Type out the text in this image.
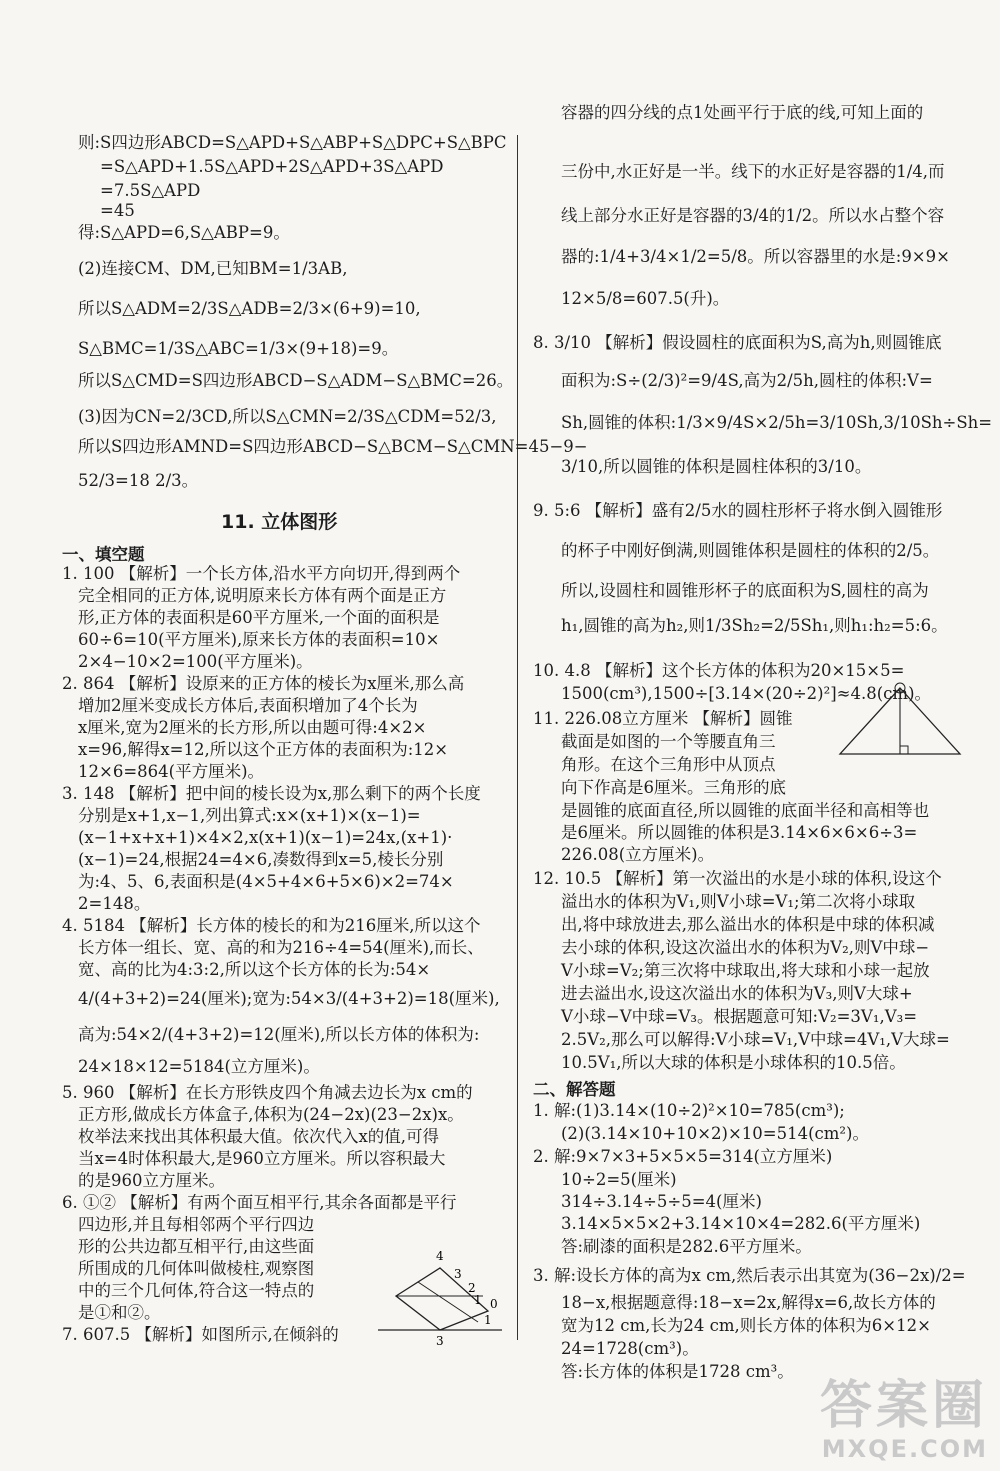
则:S四边形ABCD=S△APD+S△ABP+S△DPC+S△BPC
=S△APD+1.5S△APD+2S△APD+3S△APD
=7.5S△APD
=45
得:S△APD=6,S△ABP=9。
(2)连接CM、DM,已知BM=1/3AB,
所以S△ADM=2/3S△ADB=2/3×(6+9)=10,
S△BMC=1/3S△ABC=1/3×(9+18)=9。
所以S△CMD=S四边形ABCD−S△ADM−S△BMC=26。
(3)因为CN=2/3CD,所以S△CMN=2/3S△CDM=52/3,
所以S四边形AMND=S四边形ABCD−S△BCM−S△CMN=45−9−
52/3=18 2/3。
11. 立体图形
一、填空题
1. 100 【解析】一个长方体,沿水平方向切开,得到两个
完全相同的正方体,说明原来长方体有两个面是正方
形,正方体的表面积是60平方厘米,一个面的面积是
60÷6=10(平方厘米),原来长方体的表面积=10×
2×4−10×2=100(平方厘米)。
2. 864 【解析】设原来的正方体的棱长为x厘米,那么高
增加2厘米变成长方体后,表面积增加了4个长为
x厘米,宽为2厘米的长方形,所以由题可得:4×2×
x=96,解得x=12,所以这个正方体的表面积为:12×
12×6=864(平方厘米)。
3. 148 【解析】把中间的棱长设为x,那么剩下的两个长度
分别是x+1,x−1,列出算式:x×(x+1)×(x−1)=
(x−1+x+x+1)×4×2,x(x+1)(x−1)=24x,(x+1)·
(x−1)=24,根据24=4×6,凑数得到x=5,棱长分别
为:4、5、6,表面积是(4×5+4×6+5×6)×2=74×
2=148。
4. 5184 【解析】长方体的棱长的和为216厘米,所以这个
长方体一组长、宽、高的和为216÷4=54(厘米),而长、
宽、高的比为4:3:2,所以这个长方体的长为:54×
4/(4+3+2)=24(厘米);宽为:54×3/(4+3+2)=18(厘米),
高为:54×2/(4+3+2)=12(厘米),所以长方体的体积为:
24×18×12=5184(立方厘米)。
5. 960 【解析】在长方形铁皮四个角减去边长为x cm的
正方形,做成长方体盒子,体积为(24−2x)(23−2x)x。
枚举法来找出其体积最大值。依次代入x的值,可得
当x=4时体积最大,是960立方厘米。所以容积最大
的是960立方厘米。
6. ①② 【解析】有两个面互相平行,其余各面都是平行
四边形,并且每相邻两个平行四边
形的公共边都互相平行,由这些面
所围成的几何体叫做棱柱,观察图
中的三个几何体,符合这一特点的
是①和②。
7. 607.5 【解析】如图所示,在倾斜的
4
3
2
1 0
1
3
容器的四分线的点1处画平行于底的线,可知上面的
三份中,水正好是一半。线下的水正好是容器的1/4,而
线上部分水正好是容器的3/4的1/2。所以水占整个容
器的:1/4+3/4×1/2=5/8。所以容器里的水是:9×9×
12×5/8=607.5(升)。
8. 3/10 【解析】假设圆柱的底面积为S,高为h,则圆锥底
面积为:S÷(2/3)²=9/4S,高为2/5h,圆柱的体积:V=
Sh,圆锥的体积:1/3×9/4S×2/5h=3/10Sh,3/10Sh÷Sh=
3/10,所以圆锥的体积是圆柱体积的3/10。
9. 5:6 【解析】盛有2/5水的圆柱形杯子将水倒入圆锥形
的杯子中刚好倒满,则圆锥体积是圆柱的体积的2/5。
所以,设圆柱和圆锥形杯子的底面积为S,圆柱的高为
h₁,圆锥的高为h₂,则1/3Sh₂=2/5Sh₁,则h₁:h₂=5:6。
10. 4.8 【解析】这个长方体的体积为20×15×5=
1500(cm³),1500÷[3.14×(20÷2)²]≈4.8(cm)。
11. 226.08立方厘米 【解析】圆锥
截面是如图的一个等腰直角三
角形。在这个三角形中从顶点
向下作高是6厘米。三角形的底
是圆锥的底面直径,所以圆锥的底面半径和高相等也
是6厘米。所以圆锥的体积是3.14×6×6×6÷3=
226.08(立方厘米)。
12. 10.5 【解析】第一次溢出的水是小球的体积,设这个
溢出水的体积为V₁,则V小球=V₁;第二次将小球取
出,将中球放进去,那么溢出水的体积是中球的体积减
去小球的体积,设这次溢出水的体积为V₂,则V中球−
V小球=V₂;第三次将中球取出,将大球和小球一起放
进去溢出水,设这次溢出水的体积为V₃,则V大球+
V小球−V中球=V₃。根据题意可知:V₂=3V₁,V₃=
2.5V₂,那么可以解得:V小球=V₁,V中球=4V₁,V大球=
10.5V₁,所以大球的体积是小球体积的10.5倍。
二、解答题
1. 解:(1)3.14×(10÷2)²×10=785(cm³);
(2)(3.14×10+10×2)×10=514(cm²)。
2. 解:9×7×3+5×5×5=314(立方厘米)
10÷2=5(厘米)
314÷3.14÷5÷5=4(厘米)
3.14×5×5×2+3.14×10×4=282.6(平方厘米)
答:刷漆的面积是282.6平方厘米。
3. 解:设长方体的高为x cm,然后表示出其宽为(36−2x)/2=
18−x,根据题意得:18−x=2x,解得x=6,故长方体的
宽为12 cm,长为24 cm,则长方体的体积为6×12×
24=1728(cm³)。
答:长方体的体积是1728 cm³。
答案圈
MXQE.COM
